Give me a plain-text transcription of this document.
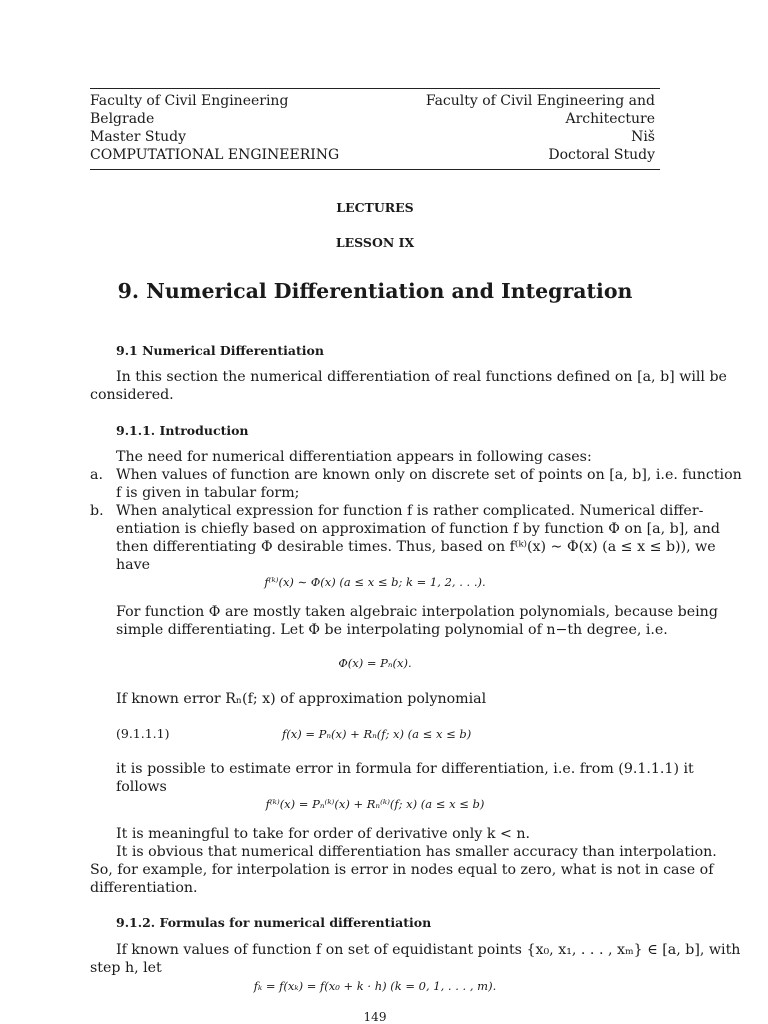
Faculty of Civil Engineering
Belgrade
Master Study
COMPUTATIONAL ENGINEERING
Faculty of Civil Engineering and Architecture
Niš
Doctoral Study
LECTURES
LESSON IX
9. Numerical Differentiation and Integration
9.1 Numerical Differentiation
In this section the numerical differentiation of real functions defined on [a, b] will be
considered.
9.1.1. Introduction
The need for numerical differentiation appears in following cases:
a. When values of function are known only on discrete set of points on [a, b], i.e. function
f is given in tabular form;
b. When analytical expression for function f is rather complicated. Numerical differ-
entiation is chiefly based on approximation of function f by function Φ on [a, b], and
then differentiating Φ desirable times. Thus, based on f⁽ᵏ⁾(x) ∼ Φ(x) (a ≤ x ≤ b)), we
have
f⁽ᵏ⁾(x) ∼ Φ(x) (a ≤ x ≤ b; k = 1, 2, . . .).
For function Φ are mostly taken algebraic interpolation polynomials, because being
simple differentiating. Let Φ be interpolating polynomial of n−th degree, i.e.
Φ(x) = Pₙ(x).
If known error Rₙ(f; x) of approximation polynomial
(9.1.1.1)	f(x) = Pₙ(x) + Rₙ(f; x) (a ≤ x ≤ b)
it is possible to estimate error in formula for differentiation, i.e. from (9.1.1.1) it
follows
f⁽ᵏ⁾(x) = Pₙ⁽ᵏ⁾(x) + Rₙ⁽ᵏ⁾(f; x) (a ≤ x ≤ b)
It is meaningful to take for order of derivative only k < n.
It is obvious that numerical differentiation has smaller accuracy than interpolation.
So, for example, for interpolation is error in nodes equal to zero, what is not in case of
differentiation.
9.1.2. Formulas for numerical differentiation
If known values of function f on set of equidistant points {x₀, x₁, . . . , xₘ} ∈ [a, b], with
step h, let
fₖ = f(xₖ) = f(x₀ + k · h) (k = 0, 1, . . . , m).
149
